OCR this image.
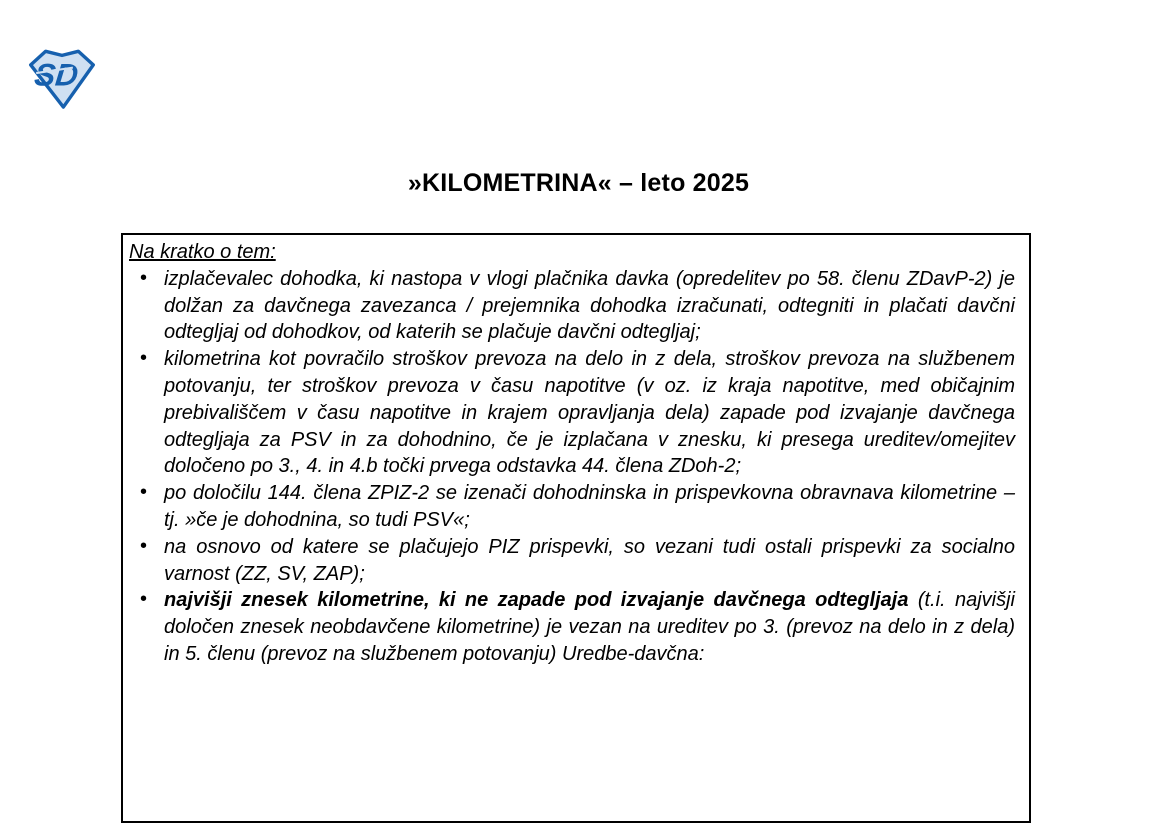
SD
»KILOMETRINA« – leto 2025
Na kratko o tem:
• izplačevalec dohodka, ki nastopa v vlogi plačnika davka (opredelitev po 58. členu ZDavP-2) je dolžan za davčnega zavezanca / prejemnika dohodka izračunati, odtegniti in plačati davčni odtegljaj od dohodkov, od katerih se plačuje davčni odtegljaj;
• kilometrina kot povračilo stroškov prevoza na delo in z dela, stroškov prevoza na službenem potovanju, ter stroškov prevoza v času napotitve (v oz. iz kraja napotitve, med običajnim prebivališčem v času napotitve in krajem opravljanja dela) zapade pod izvajanje davčnega odtegljaja za PSV in za dohodnino, če je izplačana v znesku, ki presega ureditev/omejitev določeno po 3., 4. in 4.b točki prvega odstavka 44. člena ZDoh-2;
• po določilu 144. člena ZPIZ-2 se izenači dohodninska in prispevkovna obravnava kilometrine – tj. »če je dohodnina, so tudi PSV«;
• na osnovo od katere se plačujejo PIZ prispevki, so vezani tudi ostali prispevki za socialno varnost (ZZ, SV, ZAP);
• najvišji znesek kilometrine, ki ne zapade pod izvajanje davčnega odtegljaja (t.i. najvišji določen znesek neobdavčene kilometrine) je vezan na ureditev po 3. (prevoz na delo in z dela) in 5. členu (prevoz na službenem potovanju) Uredbe-davčna:
